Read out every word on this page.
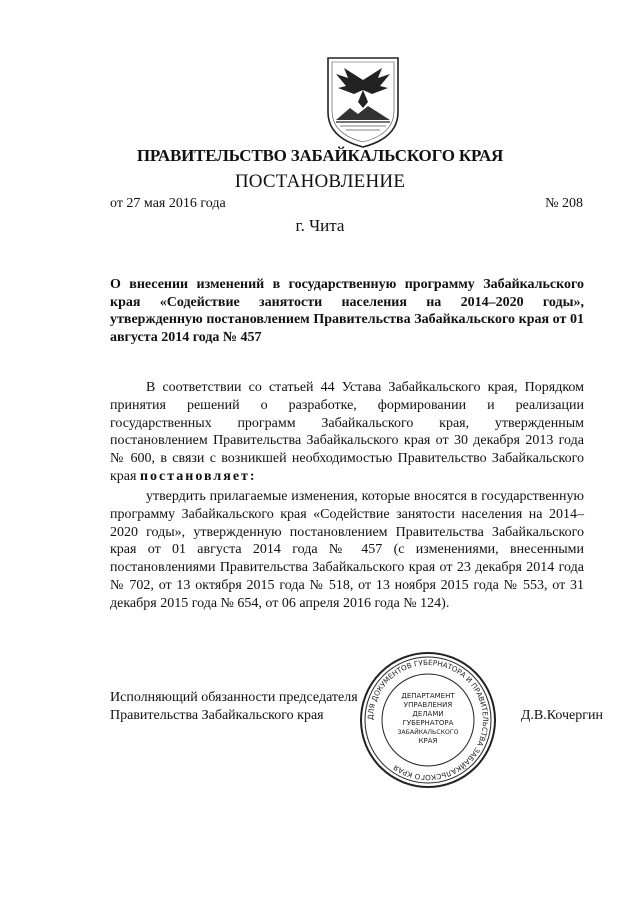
ПРАВИТЕЛЬСТВО ЗАБАЙКАЛЬСКОГО КРАЯ
ПОСТАНОВЛЕНИЕ
от 27 мая 2016 года	№ 208
г. Чита
О внесении изменений в государственную программу Забайкальского края «Содействие занятости населения на 2014–2020 годы», утвержденную постановлением Правительства Забайкальского края от 01 августа 2014 года № 457
В соответствии со статьей 44 Устава Забайкальского края, Порядком принятия решений о разработке, формировании и реализации государственных программ Забайкальского края, утвержденным постановлением Правительства Забайкальского края от 30 декабря 2013 года № 600, в связи с возникшей необходимостью Правительство Забайкальского края постановляет:
утвердить прилагаемые изменения, которые вносятся в государственную программу Забайкальского края «Содействие занятости населения на 2014–2020 годы», утвержденную постановлением Правительства Забайкальского края от 01 августа 2014 года № 457 (с изменениями, внесенными постановлениями Правительства Забайкальского края от 23 декабря 2014 года № 702, от 13 октября 2015 года № 518, от 13 ноября 2015 года № 553, от 31 декабря 2015 года № 654, от 06 апреля 2016 года № 124).
Исполняющий обязанности председателя
Правительства Забайкальского края	Д.В.Кочергин
ДЛЯ ДОКУМЕНТОВ ГУБЕРНАТОРА И ПРАВИТЕЛЬСТВА ЗАБАЙКАЛЬСКОГО КРАЯ
ДЕПАРТАМЕНТ
УПРАВЛЕНИЯ
ДЕЛАМИ
ГУБЕРНАТОРА
ЗАБАЙКАЛЬСКОГО
КРАЯ
